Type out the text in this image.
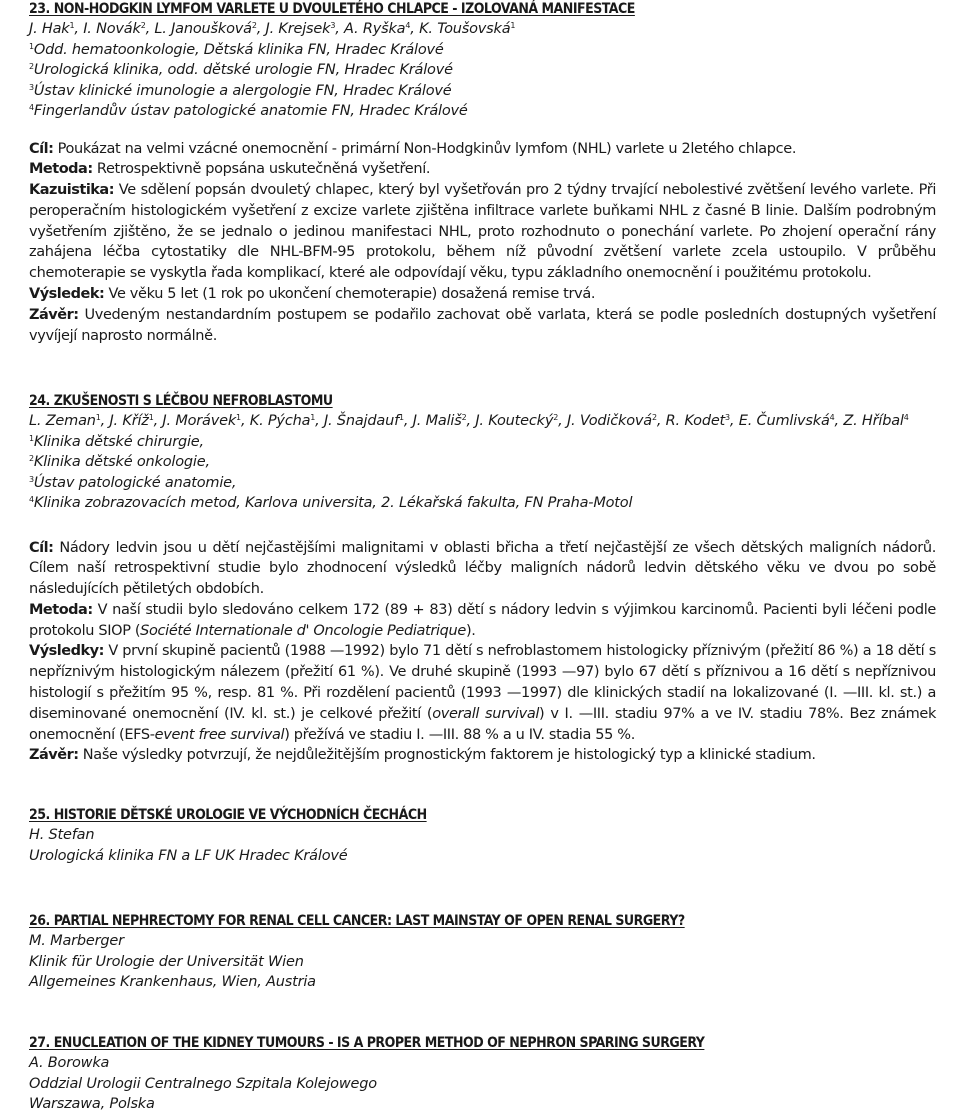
23. NON-HODGKIN LYMFOM VARLETE U DVOULETÉHO CHLAPCE - IZOLOVANÁ MANIFESTACE
J. Hak$^1$, I. Novák$^2$, L. Janoušková$^2$, J. Krejsek$^3$, A. Ryška$^4$, K. Toušovská$^1$
$^1$Odd. hematoonkologie, Dětská klinika FN, Hradec Králové
$^2$Urologická klinika, odd. dětské urologie FN, Hradec Králové
$^3$Ústav klinické imunologie a alergologie FN, Hradec Králové
$^4$Fingerlandův ústav patologické anatomie FN, Hradec Králové

Cíl: Poukázat na velmi vzácné onemocnění - primární Non-Hodgkinův lymfom (NHL) varlete u 2letého chlapce.

Metoda: Retrospektivně popsána uskutečněná vyšetření.

Kazuistika: Ve sdělení popsán dvouletý chlapec, který byl vyšetřován pro 2 týdny trvající nebolestivé zvětšení levého varlete. Při peroperačním histologickém vyšetření z excize varlete zjištěna infiltrace varlete buňkami NHL z časné B linie. Dalším podrobným vyšetřením zjištěno, že se jednalo o jedinou manifestaci NHL, proto rozhodnuto o ponechání varlete. Po zhojení operační rány zahájena léčba cytostatiky dle NHL-BFM-95 protokolu, během níž původní zvětšení varlete zcela ustoupilo. V průběhu chemoterapie se vyskytla řada komplikací, které ale odpovídají věku, typu základního onemocnění i použitému protokolu.

Výsledek: Ve věku 5 let (1 rok po ukončení chemoterapie) dosažená remise trvá.

Závěr: Uvedeným nestandardním postupem se podařilo zachovat obě varlata, která se podle posledních dostupných vyšetření vyvíjejí naprosto normálně.

24. ZKUŠENOSTI S LÉČBOU NEFROBLASTOMU
L. Zeman$^1$, J. Kříž$^1$, J. Morávek$^1$, K. Pýcha$^1$, J. Šnajdauf$^1$, J. Mališ$^2$, J. Koutecký$^2$, J. Vodičková$^2$, R. Kodet$^3$, E. Čumlivská$^4$, Z. Hříbal$^4$
$^1$Klinika dětské chirurgie,
$^2$Klinika dětské onkologie,
$^3$Ústav patologické anatomie,
$^4$Klinika zobrazovacích metod, Karlova universita, 2. Lékařská fakulta, FN Praha-Motol

Cíl: Nádory ledvin jsou u dětí nejčastějšími malignitami v oblasti břicha a třetí nejčastější ze všech dětských maligních nádorů. Cílem naší retrospektivní studie bylo zhodnocení výsledků léčby maligních nádorů ledvin dětského věku ve dvou po sobě následujících pětiletých obdobích.

Metoda: V naší studii bylo sledováno celkem 172 (89 + 83) dětí s nádory ledvin s výjimkou karcinomů. Pacienti byli léčeni podle protokolu SIOP (Société Internationale d' Oncologie Pediatrique).

Výsledky: V první skupině pacientů (1988 —1992) bylo 71 dětí s nefroblastomem histologicky příznivým (přežití 86 %) a 18 dětí s nepříznivým histologickým nálezem (přežití 61 %). Ve druhé skupině (1993 —97) bylo 67 dětí s příznivou a 16 dětí s nepříznivou histologií s přežitím 95 %, resp. 81 %. Při rozdělení pacientů (1993 —1997) dle klinických stadií na lokalizované (I. —III. kl. st.) a diseminované onemocnění (IV. kl. st.) je celkové přežití (overall survival) v I. —III. stadiu 97% a ve IV. stadiu 78%. Bez známek onemocnění (EFS-event free survival) přežívá ve stadiu I. —III. 88 % a u IV. stadia 55 %.

Závěr: Naše výsledky potvrzují, že nejdůležitějším prognostickým faktorem je histologický typ a klinické stadium.

25. HISTORIE DĚTSKÉ UROLOGIE VE VÝCHODNÍCH ČECHÁCH
H. Stefan
Urologická klinika FN a LF UK Hradec Králové
26. PARTIAL NEPHRECTOMY FOR RENAL CELL CANCER: LAST MAINSTAY OF OPEN RENAL SURGERY?
M. Marberger
Klinik für Urologie der Universität Wien
Allgemeines Krankenhaus, Wien, Austria
27. ENUCLEATION OF THE KIDNEY TUMOURS - IS A PROPER METHOD OF NEPHRON SPARING SURGERY
A. Borowka
Oddzial Urologii Centralnego Szpitala Kolejowego
Warszawa, Polska
